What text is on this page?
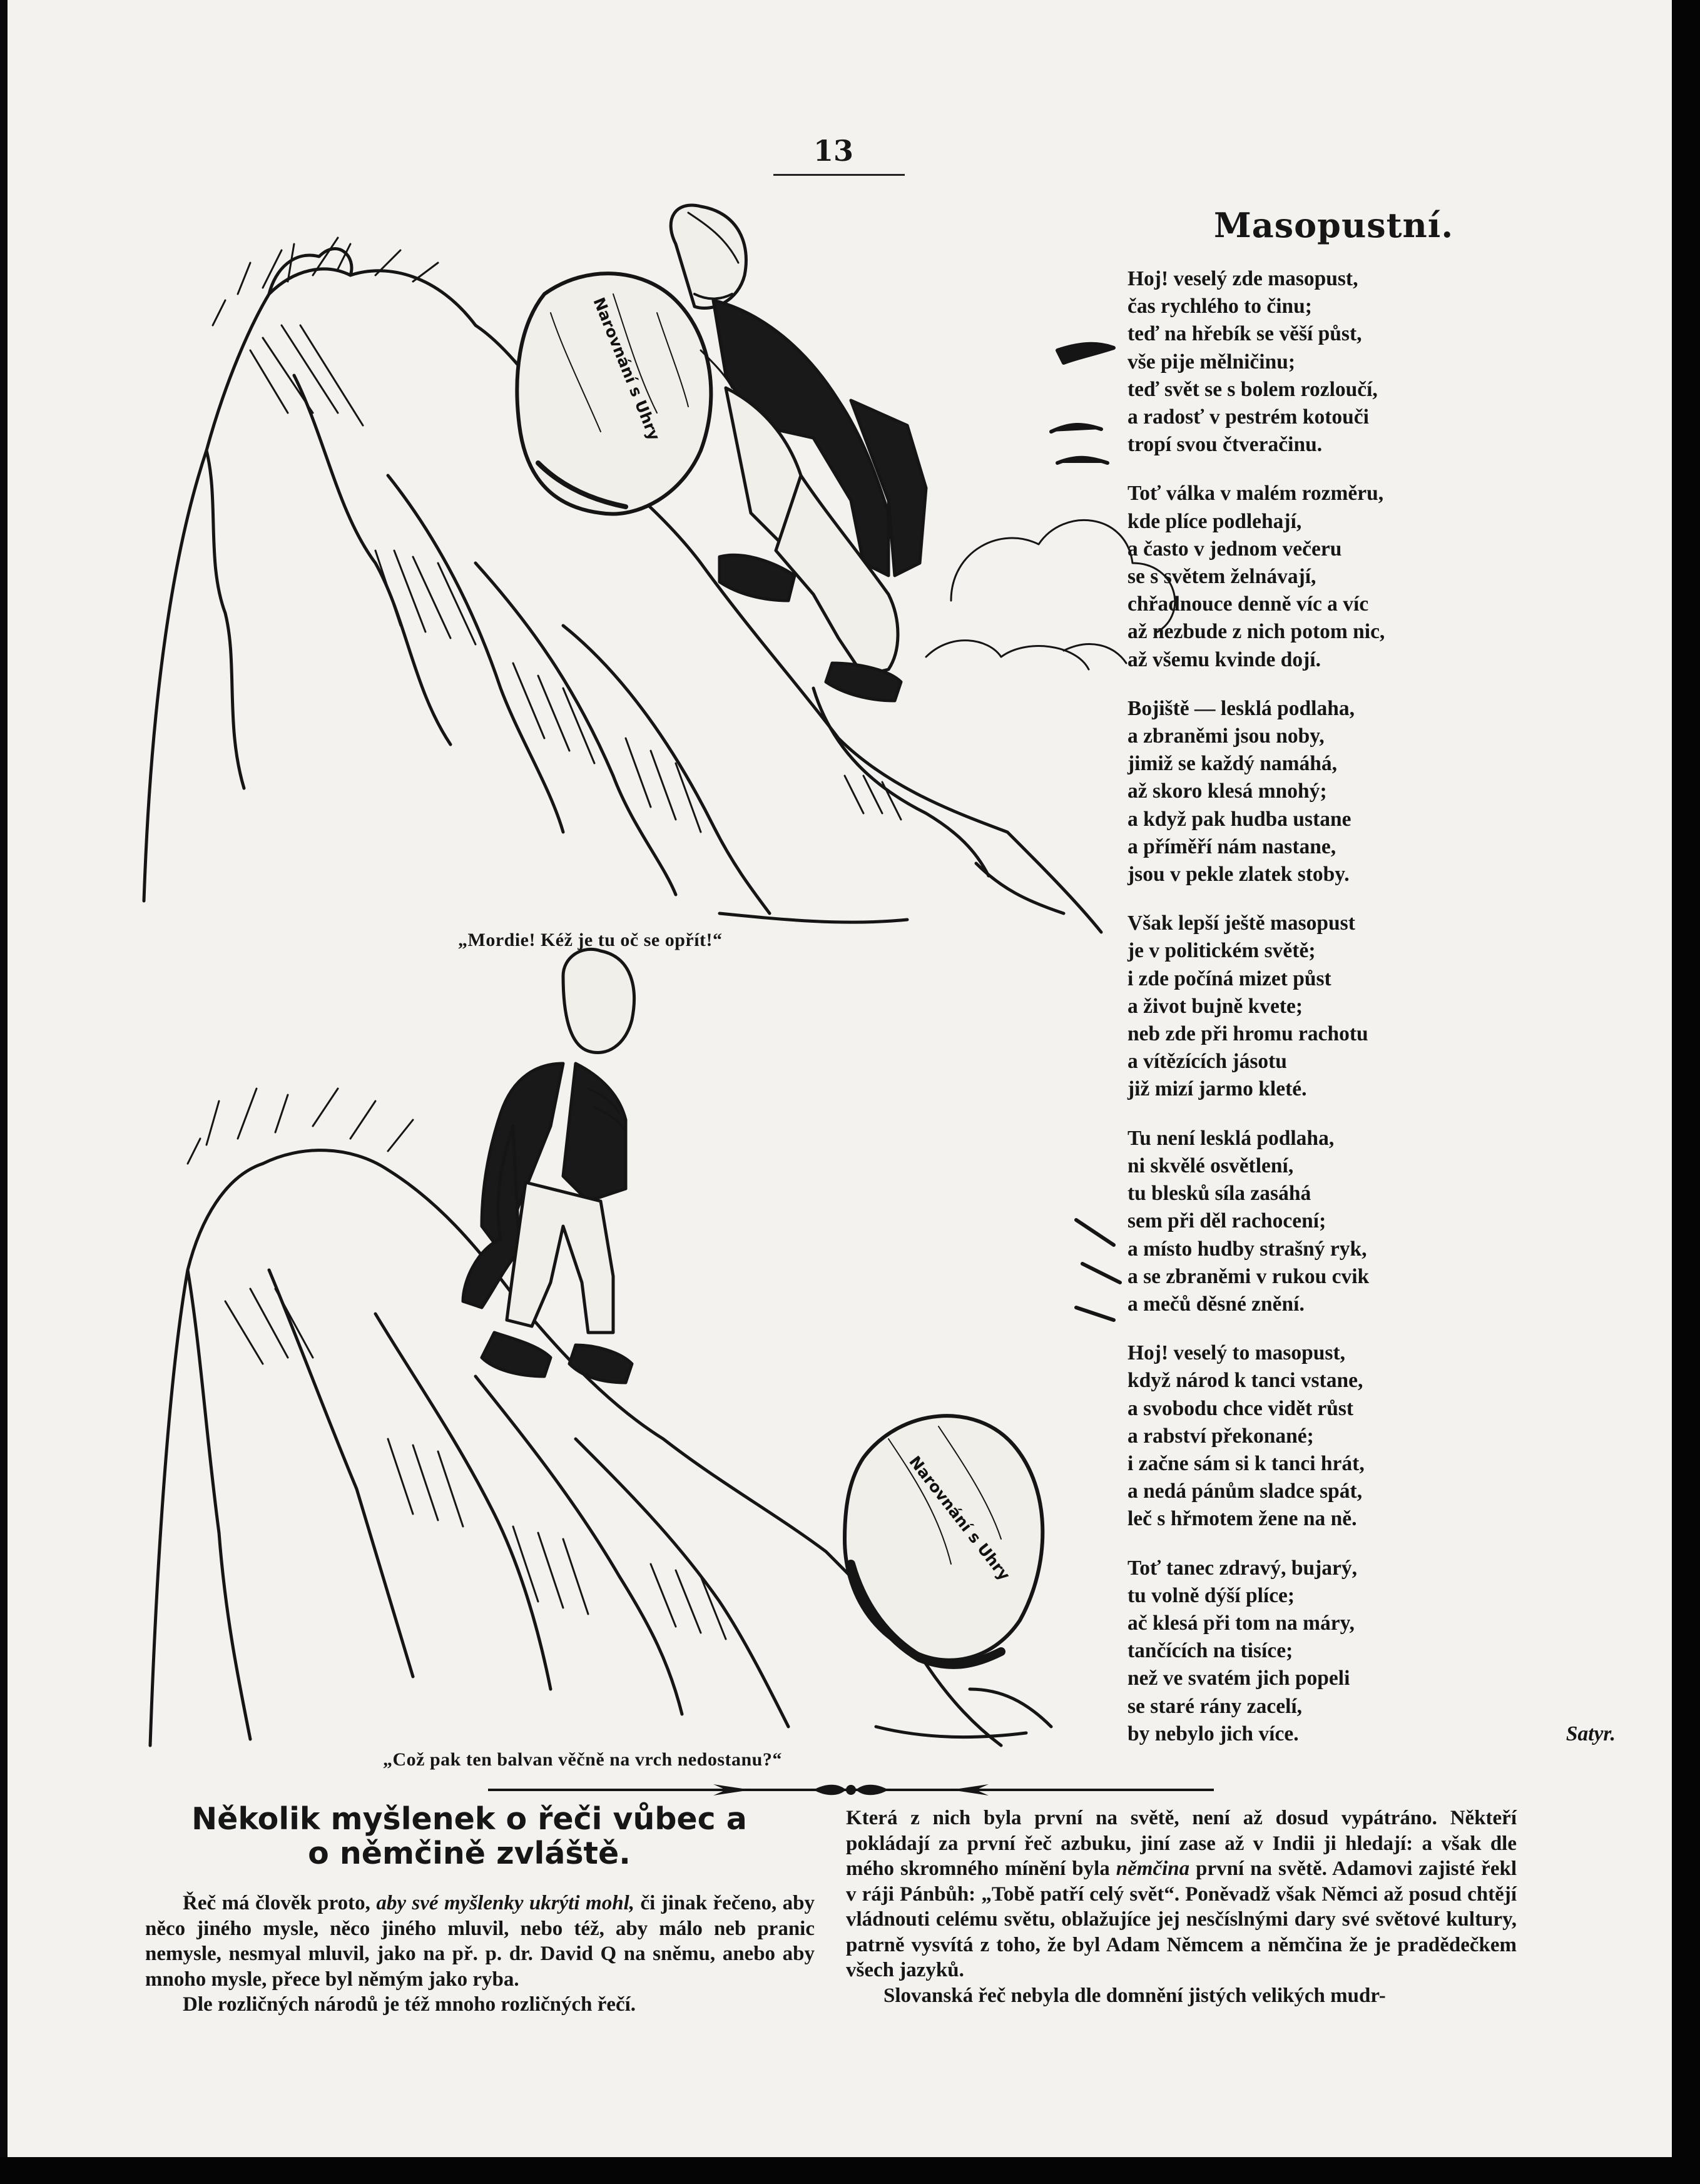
13
Narovnání s Uhry
Narovnání s Uhry
„Mordie! Kéž je tu oč se opřít!“
„Což pak ten balvan věčně na vrch nedostanu?“
Masopustní.
Hoj! veselý zde masopust,
čas rychlého to činu;
teď na hřebík se věší půst,
vše pije mělničinu;
teď svět se s bolem rozloučí,
a radosť v pestrém kotouči
tropí svou čtveračinu.
Toť válka v malém rozměru,
kde plíce podlehají,
a často v jednom večeru
se s světem želnávají,
chřadnouce denně víc a víc
až nezbude z nich potom nic,
až všemu kvinde dojí.
Bojiště — lesklá podlaha,
a zbraněmi jsou noby,
jimiž se každý namáhá,
až skoro klesá mnohý;
a když pak hudba ustane
a příměří nám nastane,
jsou v pekle zlatek stoby.
Však lepší ještě masopust
je v politickém světě;
i zde počíná mizet půst
a život bujně kvete;
neb zde při hromu rachotu
a vítězících jásotu
již mizí jarmo kleté.
Tu není lesklá podlaha,
ni skvělé osvětlení,
tu blesků síla zasáhá
sem při děl rachocení;
a místo hudby strašný ryk,
a se zbraněmi v rukou cvik
a mečů děsné znění.
Hoj! veselý to masopust,
když národ k tanci vstane,
a svobodu chce vidět růst
a rabství překonané;
i začne sám si k tanci hrát,
a nedá pánům sladce spát,
leč s hřmotem žene na ně.
Toť tanec zdravý, bujarý,
tu volně dýší plíce;
ač klesá při tom na máry,
tančících na tisíce;
než ve svatém jich popeli
se staré rány zacelí,
by nebylo jich více.	Satyr.
Několik myšlenek o řeči vůbec a
o němčině zvláště.

Řeč má člověk proto, aby své myšlenky ukrýti mohl, či jinak řečeno, aby něco jiného mysle, něco jiného mluvil, nebo též, aby málo neb pranic nemysle, nesmyal mluvil, jako na př. p. dr. David Q na sněmu, anebo aby mnoho mysle, přece byl němým jako ryba.

Dle rozličných národů je též mnoho rozličných řečí.

Která z nich byla první na světě, není až dosud vypátráno. Někteří pokládají za první řeč azbuku, jiní zase až v Indii ji hledají: a však dle mého skromného mínění byla němčina první na světě. Adamovi zajisté řekl v ráji Pánbůh: „Tobě patří celý svět“. Poněvadž však Němci až posud chtějí vládnouti celému světu, oblažujíce jej nesčíslnými dary své světové kultury, patrně vysvítá z toho, že byl Adam Němcem a němčina že je pradědečkem všech jazyků.

Slovanská řeč nebyla dle domnění jistých velikých mudr-
